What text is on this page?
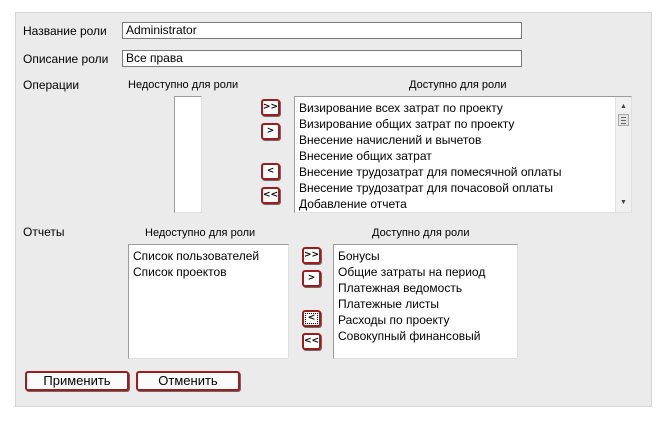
Название роли	Administrator
Описание роли	Все права
Операции	Недоступно для роли	Доступно для роли
>>
>
<
<<
Визирование всех затрат по проекту
Визирование общих затрат по проекту
Внесение начислений и вычетов
Внесение общих затрат
Внесение трудозатрат для помесячной оплаты
Внесение трудозатрат для почасовой оплаты
Добавление отчета
▲
▼
Отчеты	Недоступно для роли	Доступно для роли
Список пользователей
Список проектов
>>
>
<
<<
Бонусы
Общие затраты на период
Платежная ведомость
Платежные листы
Расходы по проекту
Совокупный финансовый
Применить	Отменить
